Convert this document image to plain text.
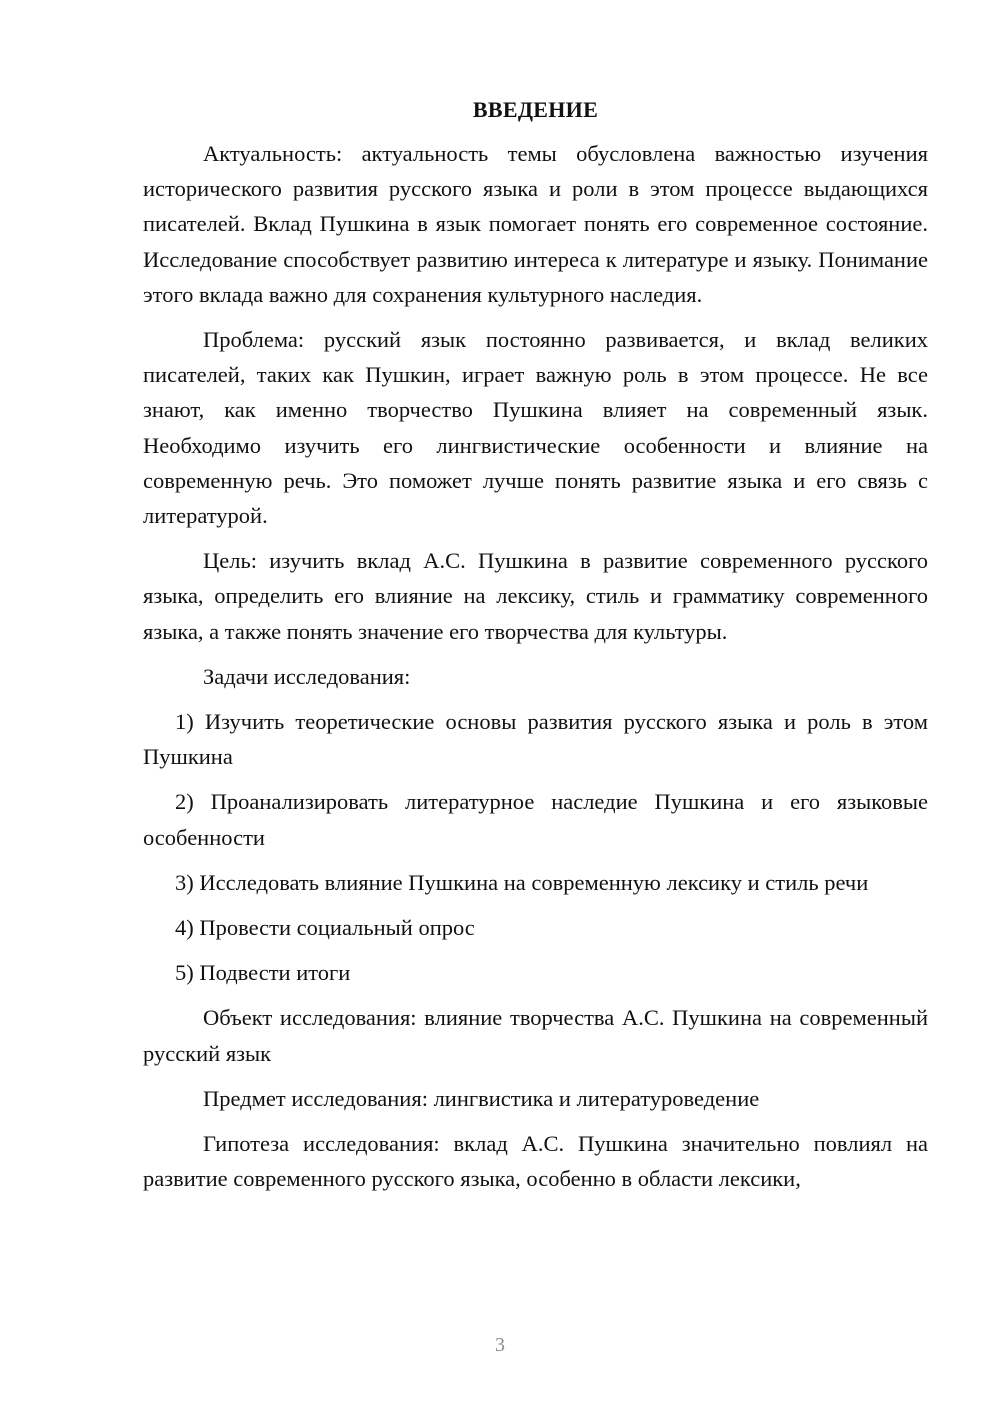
ВВЕДЕНИЕ

Актуальность: актуальность темы обусловлена важностью изучения исторического развития русского языка и роли в этом процессе выдающихся писателей. Вклад Пушкина в язык помогает понять его современное состояние. Исследование способствует развитию интереса к литературе и языку. Понимание этого вклада важно для сохранения культурного наследия.

Проблема: русский язык постоянно развивается, и вклад великих писателей, таких как Пушкин, играет важную роль в этом процессе. Не все знают, как именно творчество Пушкина влияет на современный язык. Необходимо изучить его лингвистические особенности и влияние на современную речь. Это поможет лучше понять развитие языка и его связь с литературой.

Цель: изучить вклад А.С. Пушкина в развитие современного русского языка, определить его влияние на лексику, стиль и грамматику современного языка, а также понять значение его творчества для культуры.

Задачи исследования:

1) Изучить теоретические основы развития русского языка и роль в этом Пушкина

2) Проанализировать литературное наследие Пушкина и его языковые особенности

3) Исследовать влияние Пушкина на современную лексику и стиль речи

4) Провести социальный опрос

5) Подвести итоги

Объект исследования: влияние творчества А.С. Пушкина на современный русский язык

Предмет исследования: лингвистика и литературоведение

Гипотеза исследования: вклад А.С. Пушкина значительно повлиял на развитие современного русского языка, особенно в области лексики,

3
